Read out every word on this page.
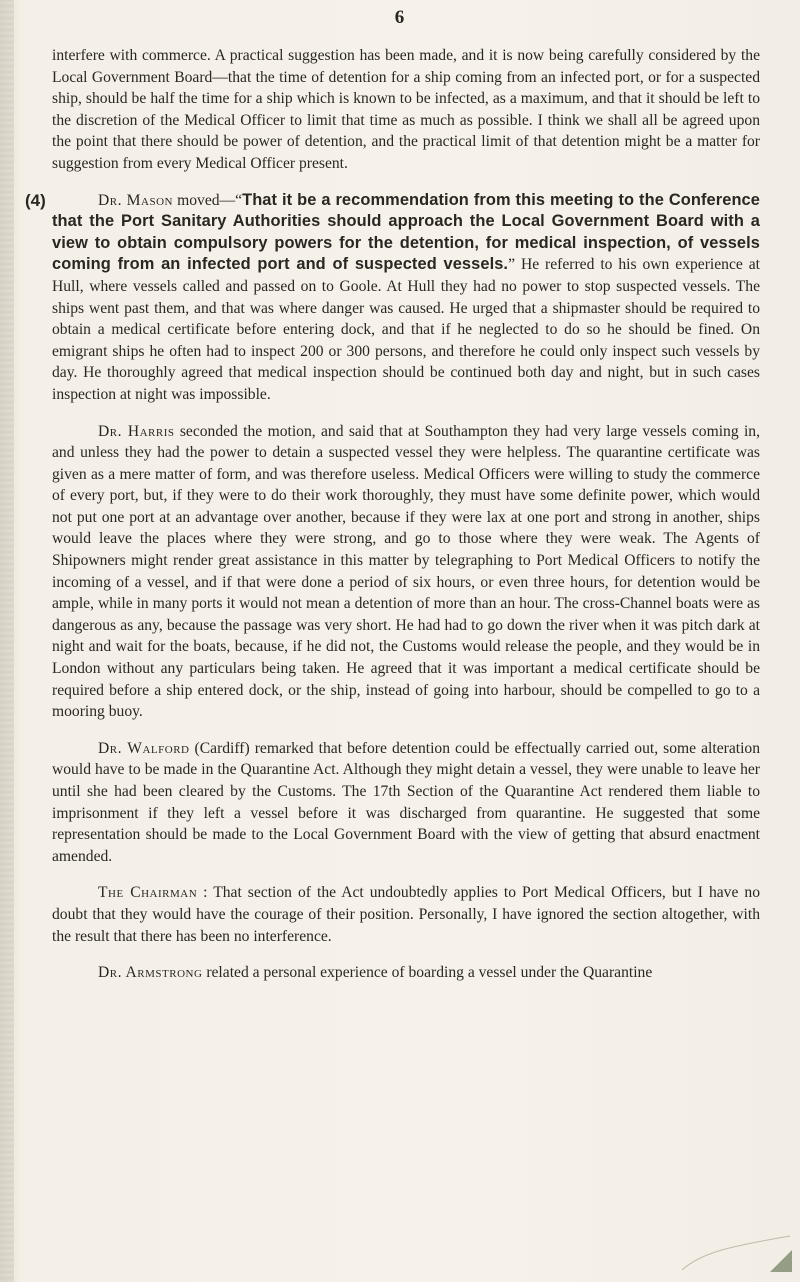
6

interfere with commerce. A practical suggestion has been made, and it is now being carefully considered by the Local Government Board—that the time of detention for a ship coming from an infected port, or for a suspected ship, should be half the time for a ship which is known to be infected, as a maximum, and that it should be left to the discretion of the Medical Officer to limit that time as much as possible. I think we shall all be agreed upon the point that there should be power of detention, and the practical limit of that detention might be a matter for suggestion from every Medical Officer present.

(4)	Dr. Mason moved—“That it be a recommendation from this meeting to the Conference that the Port Sanitary Authorities should approach the Local Government Board with a view to obtain compulsory powers for the detention, for medical inspection, of vessels coming from an infected port and of suspected vessels.” He referred to his own experience at Hull, where vessels called and passed on to Goole. At Hull they had no power to stop suspected vessels. The ships went past them, and that was where danger was caused. He urged that a shipmaster should be required to obtain a medical certificate before entering dock, and that if he neglected to do so he should be fined. On emigrant ships he often had to inspect 200 or 300 persons, and therefore he could only inspect such vessels by day. He thoroughly agreed that medical inspection should be continued both day and night, but in such cases inspection at night was impossible.

Dr. Harris seconded the motion, and said that at Southampton they had very large vessels coming in, and unless they had the power to detain a suspected vessel they were helpless. The quarantine certificate was given as a mere matter of form, and was therefore useless. Medical Officers were willing to study the commerce of every port, but, if they were to do their work thoroughly, they must have some definite power, which would not put one port at an advantage over another, because if they were lax at one port and strong in another, ships would leave the places where they were strong, and go to those where they were weak. The Agents of Shipowners might render great assistance in this matter by telegraphing to Port Medical Officers to notify the incoming of a vessel, and if that were done a period of six hours, or even three hours, for detention would be ample, while in many ports it would not mean a detention of more than an hour. The cross-Channel boats were as dangerous as any, because the passage was very short. He had had to go down the river when it was pitch dark at night and wait for the boats, because, if he did not, the Customs would release the people, and they would be in London without any particulars being taken. He agreed that it was important a medical certificate should be required before a ship entered dock, or the ship, instead of going into harbour, should be compelled to go to a mooring buoy.

Dr. Walford (Cardiff) remarked that before detention could be effectually carried out, some alteration would have to be made in the Quarantine Act. Although they might detain a vessel, they were unable to leave her until she had been cleared by the Customs. The 17th Section of the Quarantine Act rendered them liable to imprisonment if they left a vessel before it was discharged from quarantine. He suggested that some representation should be made to the Local Government Board with the view of getting that absurd enactment amended.

The Chairman : That section of the Act undoubtedly applies to Port Medical Officers, but I have no doubt that they would have the courage of their position. Personally, I have ignored the section altogether, with the result that there has been no interference.

Dr. Armstrong related a personal experience of boarding a vessel under the Quarantine
